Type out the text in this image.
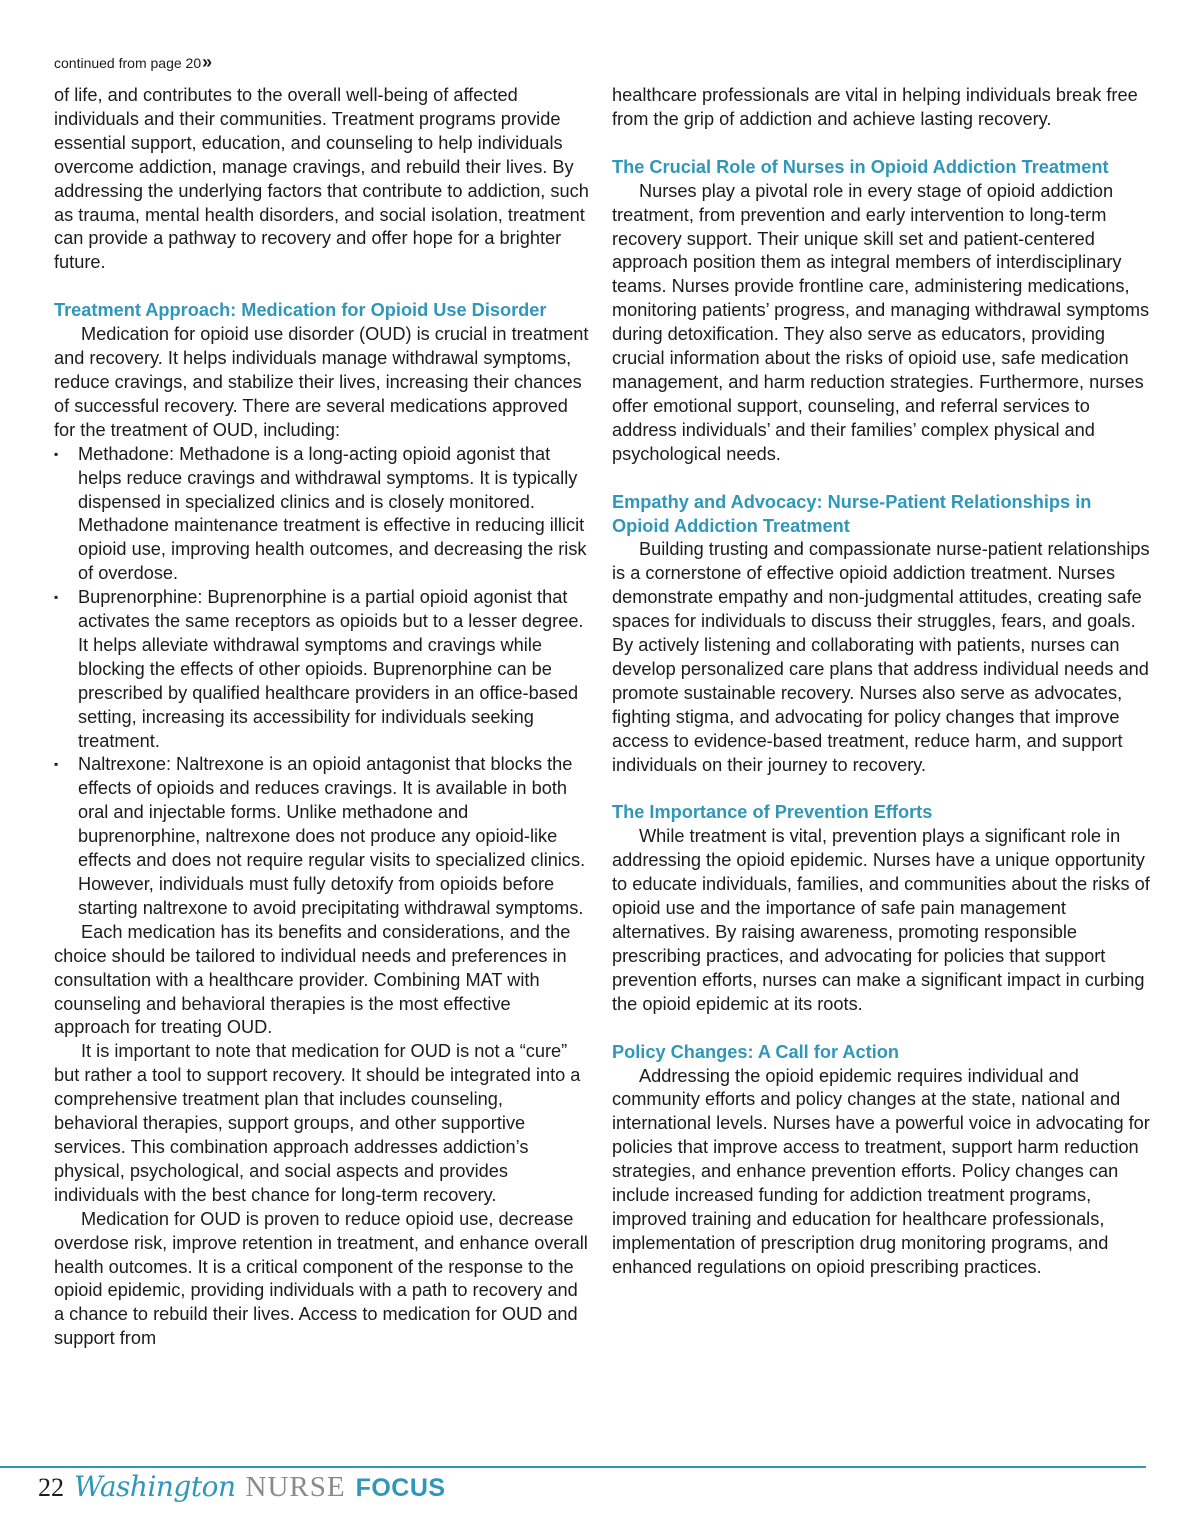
continued from page 20»

of life, and contributes to the overall well-being of affected individuals and their communities. Treatment programs provide essential support, education, and counseling to help individuals overcome addiction, manage cravings, and rebuild their lives. By addressing the underlying factors that contribute to addiction, such as trauma, mental health disorders, and social isolation, treatment can provide a pathway to recovery and offer hope for a brighter future.

Treatment Approach: Medication for Opioid Use Disorder

Medication for opioid use disorder (OUD) is crucial in treatment and recovery. It helps individuals manage withdrawal symptoms, reduce cravings, and stabilize their lives, increasing their chances of successful recovery. There are several medications approved for the treatment of OUD, including:

▪ Methadone: Methadone is a long-acting opioid agonist that helps reduce cravings and withdrawal symptoms. It is typically dispensed in specialized clinics and is closely monitored. Methadone maintenance treatment is effective in reducing illicit opioid use, improving health outcomes, and decreasing the risk of overdose.
▪ Buprenorphine: Buprenorphine is a partial opioid agonist that activates the same receptors as opioids but to a lesser degree. It helps alleviate withdrawal symptoms and cravings while blocking the effects of other opioids. Buprenorphine can be prescribed by qualified healthcare providers in an office-based setting, increasing its accessibility for individuals seeking treatment.
▪ Naltrexone: Naltrexone is an opioid antagonist that blocks the effects of opioids and reduces cravings. It is available in both oral and injectable forms. Unlike methadone and buprenorphine, naltrexone does not produce any opioid-like effects and does not require regular visits to specialized clinics. However, individuals must fully detoxify from opioids before starting naltrexone to avoid precipitating withdrawal symptoms.

Each medication has its benefits and considerations, and the choice should be tailored to individual needs and preferences in consultation with a healthcare provider. Combining MAT with counseling and behavioral therapies is the most effective approach for treating OUD.

It is important to note that medication for OUD is not a “cure” but rather a tool to support recovery. It should be integrated into a comprehensive treatment plan that includes counseling, behavioral therapies, support groups, and other supportive services. This combination approach addresses addiction’s physical, psychological, and social aspects and provides individuals with the best chance for long-term recovery.

Medication for OUD is proven to reduce opioid use, decrease overdose risk, improve retention in treatment, and enhance overall health outcomes. It is a critical component of the response to the opioid epidemic, providing individuals with a path to recovery and a chance to rebuild their lives. Access to medication for OUD and support from

healthcare professionals are vital in helping individuals break free from the grip of addiction and achieve lasting recovery.

The Crucial Role of Nurses in Opioid Addiction Treatment

Nurses play a pivotal role in every stage of opioid addiction treatment, from prevention and early intervention to long-term recovery support. Their unique skill set and patient-centered approach position them as integral members of interdisciplinary teams. Nurses provide frontline care, administering medications, monitoring patients’ progress, and managing withdrawal symptoms during detoxification. They also serve as educators, providing crucial information about the risks of opioid use, safe medication management, and harm reduction strategies. Furthermore, nurses offer emotional support, counseling, and referral services to address individuals’ and their families’ complex physical and psychological needs.

Empathy and Advocacy: Nurse-Patient Relationships in Opioid Addiction Treatment

Building trusting and compassionate nurse-patient relationships is a cornerstone of effective opioid addiction treatment. Nurses demonstrate empathy and non-judgmental attitudes, creating safe spaces for individuals to discuss their struggles, fears, and goals. By actively listening and collaborating with patients, nurses can develop personalized care plans that address individual needs and promote sustainable recovery. Nurses also serve as advocates, fighting stigma, and advocating for policy changes that improve access to evidence-based treatment, reduce harm, and support individuals on their journey to recovery.

The Importance of Prevention Efforts

While treatment is vital, prevention plays a significant role in addressing the opioid epidemic. Nurses have a unique opportunity to educate individuals, families, and communities about the risks of opioid use and the importance of safe pain management alternatives. By raising awareness, promoting responsible prescribing practices, and advocating for policies that support prevention efforts, nurses can make a significant impact in curbing the opioid epidemic at its roots.

Policy Changes: A Call for Action

Addressing the opioid epidemic requires individual and community efforts and policy changes at the state, national and international levels. Nurses have a powerful voice in advocating for policies that improve access to treatment, support harm reduction strategies, and enhance prevention efforts. Policy changes can include increased funding for addiction treatment programs, improved training and education for healthcare professionals, implementation of prescription drug monitoring programs, and enhanced regulations on opioid prescribing practices.

22 Washington NURSE FOCUS
